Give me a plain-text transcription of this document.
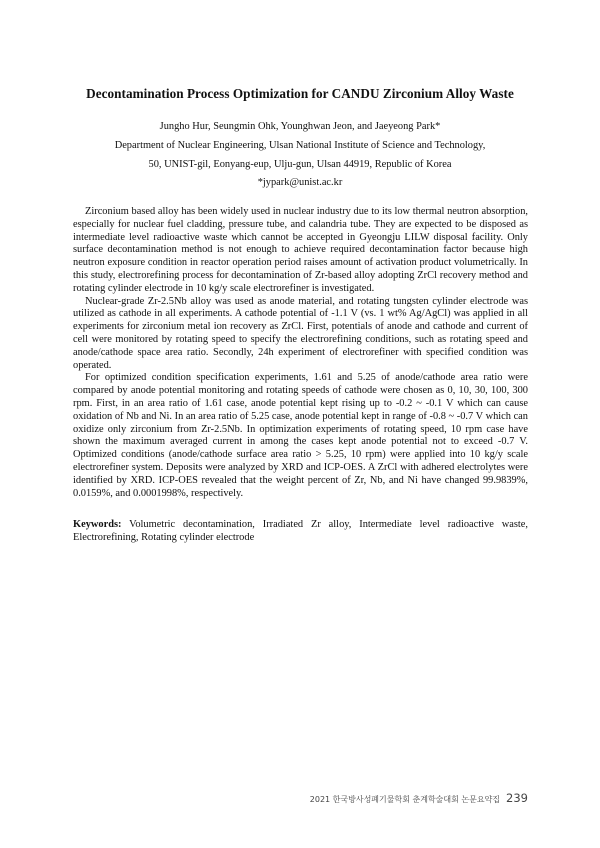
Decontamination Process Optimization for CANDU Zirconium Alloy Waste
Jungho Hur, Seungmin Ohk, Younghwan Jeon, and Jaeyeong Park*
Department of Nuclear Engineering, Ulsan National Institute of Science and Technology,
50, UNIST-gil, Eonyang-eup, Ulju-gun, Ulsan 44919, Republic of Korea
*jypark@unist.ac.kr

Zirconium based alloy has been widely used in nuclear industry due to its low thermal neutron absorption, especially for nuclear fuel cladding, pressure tube, and calandria tube. They are expected to be disposed as intermediate level radioactive waste which cannot be accepted in Gyeongju LILW disposal facility. Only surface decontamination method is not enough to achieve required decontamination factor because high neutron exposure condition in reactor operation period raises amount of activation product volumetrically. In this study, electrorefining process for decontamination of Zr-based alloy adopting ZrCl recovery method and rotating cylinder electrode in 10 kg/y scale electrorefiner is investigated.

Nuclear-grade Zr-2.5Nb alloy was used as anode material, and rotating tungsten cylinder electrode was utilized as cathode in all experiments. A cathode potential of -1.1 V (vs. 1 wt% Ag/AgCl) was applied in all experiments for zirconium metal ion recovery as ZrCl. First, potentials of anode and cathode and current of cell were monitored by rotating speed to specify the electrorefining conditions, such as rotating speed and anode/cathode space area ratio. Secondly, 24h experiment of electrorefiner with specified condition was operated.

For optimized condition specification experiments, 1.61 and 5.25 of anode/cathode area ratio were compared by anode potential monitoring and rotating speeds of cathode were chosen as 0, 10, 30, 100, 300 rpm. First, in an area ratio of 1.61 case, anode potential kept rising up to -0.2 ~ -0.1 V which can cause oxidation of Nb and Ni. In an area ratio of 5.25 case, anode potential kept in range of -0.8 ~ -0.7 V which can oxidize only zirconium from Zr-2.5Nb. In optimization experiments of rotating speed, 10 rpm case have shown the maximum averaged current in among the cases kept anode potential not to exceed -0.7 V. Optimized conditions (anode/cathode surface area ratio > 5.25, 10 rpm) were applied into 10 kg/y scale electrorefiner system. Deposits were analyzed by XRD and ICP-OES. A ZrCl with adhered electrolytes were identified by XRD. ICP-OES revealed that the weight percent of Zr, Nb, and Ni have changed 99.9839%, 0.0159%, and 0.0001998%, respectively.

Keywords: Volumetric decontamination, Irradiated Zr alloy, Intermediate level radioactive waste, Electrorefining, Rotating cylinder electrode
2021 한국방사성폐기물학회 춘계학술대회 논문요약집 239
